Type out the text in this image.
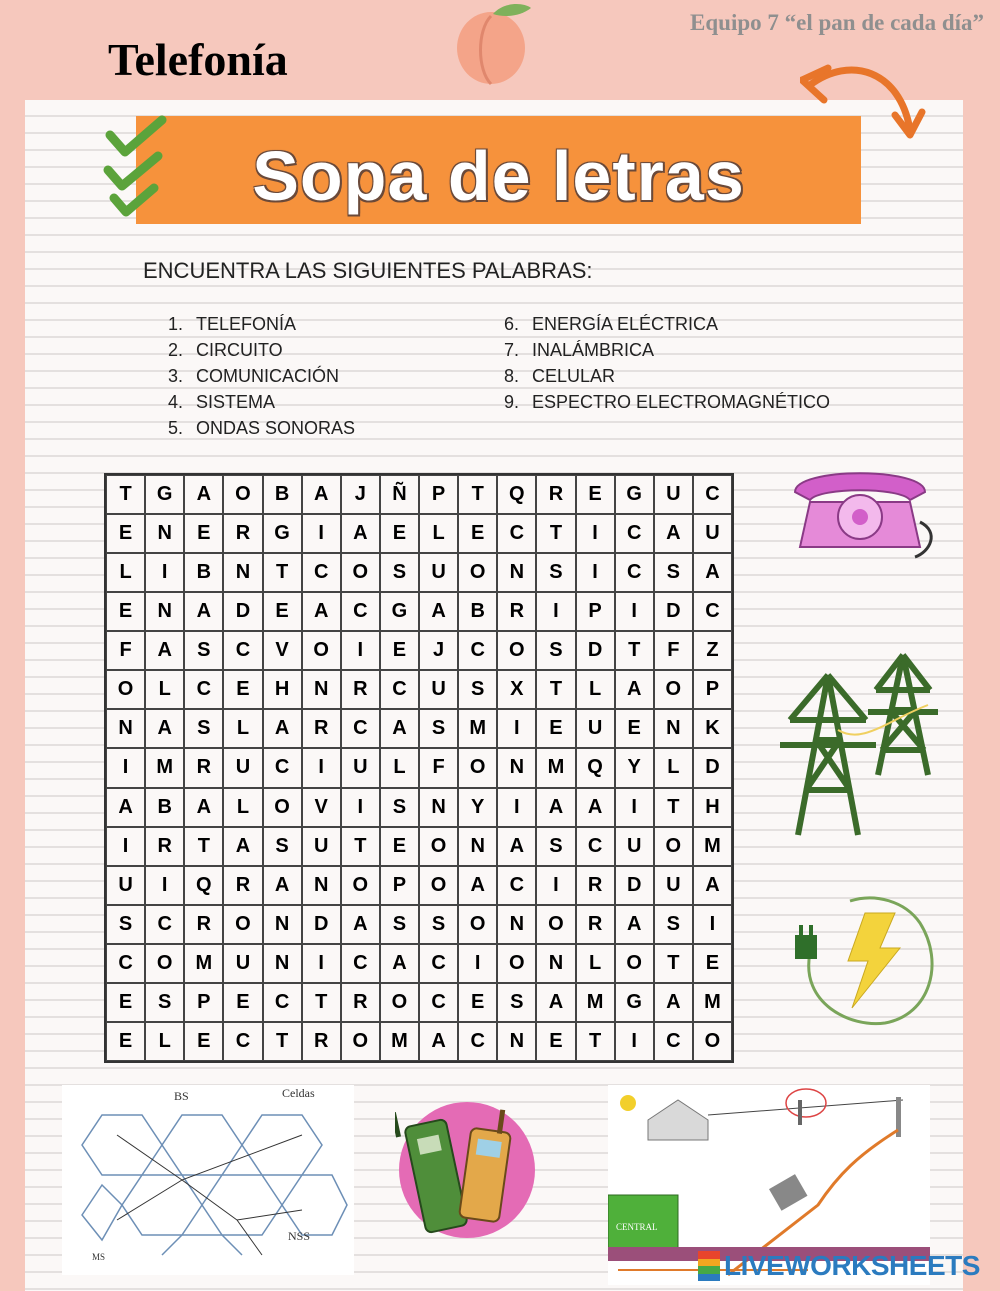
Telefonía
Equipo 7 “el pan de cada día”
Sopa de letras
ENCUENTRA LAS SIGUIENTES PALABRAS:
1. TELEFONÍA
2. CIRCUITO
3. COMUNICACIÓN
4. SISTEMA
5. ONDAS SONORAS
6. ENERGÍA ELÉCTRICA
7. INALÁMBRICA
8. CELULAR
9. ESPECTRO ELECTROMAGNÉTICO
T	G	A	O	B	A	J	Ñ	P	T	Q	R	E	G	U	C
E	N	E	R	G	I	A	E	L	E	C	T	I	C	A	U
L	I	B	N	T	C	O	S	U	O	N	S	I	C	S	A
E	N	A	D	E	A	C	G	A	B	R	I	P	I	D	C
F	A	S	C	V	O	I	E	J	C	O	S	D	T	F	Z
O	L	C	E	H	N	R	C	U	S	X	T	L	A	O	P
N	A	S	L	A	R	C	A	S	M	I	E	U	E	N	K
I	M	R	U	C	I	U	L	F	O	N	M	Q	Y	L	D
A	B	A	L	O	V	I	S	N	Y	I	A	A	I	T	H
I	R	T	A	S	U	T	E	O	N	A	S	C	U	O	M
U	I	Q	R	A	N	O	P	O	A	C	I	R	D	U	A
S	C	R	O	N	D	A	S	S	O	N	O	R	A	S	I
C	O	M	U	N	I	C	A	C	I	O	N	L	O	T	E
E	S	P	E	C	T	R	O	C	E	S	A	M	G	A	M
E	L	E	C	T	R	O	M	A	C	N	E	T	I	C	O
BS	Celdas
NSS
MS
CENTRAL
LIVEWORKSHEETS
